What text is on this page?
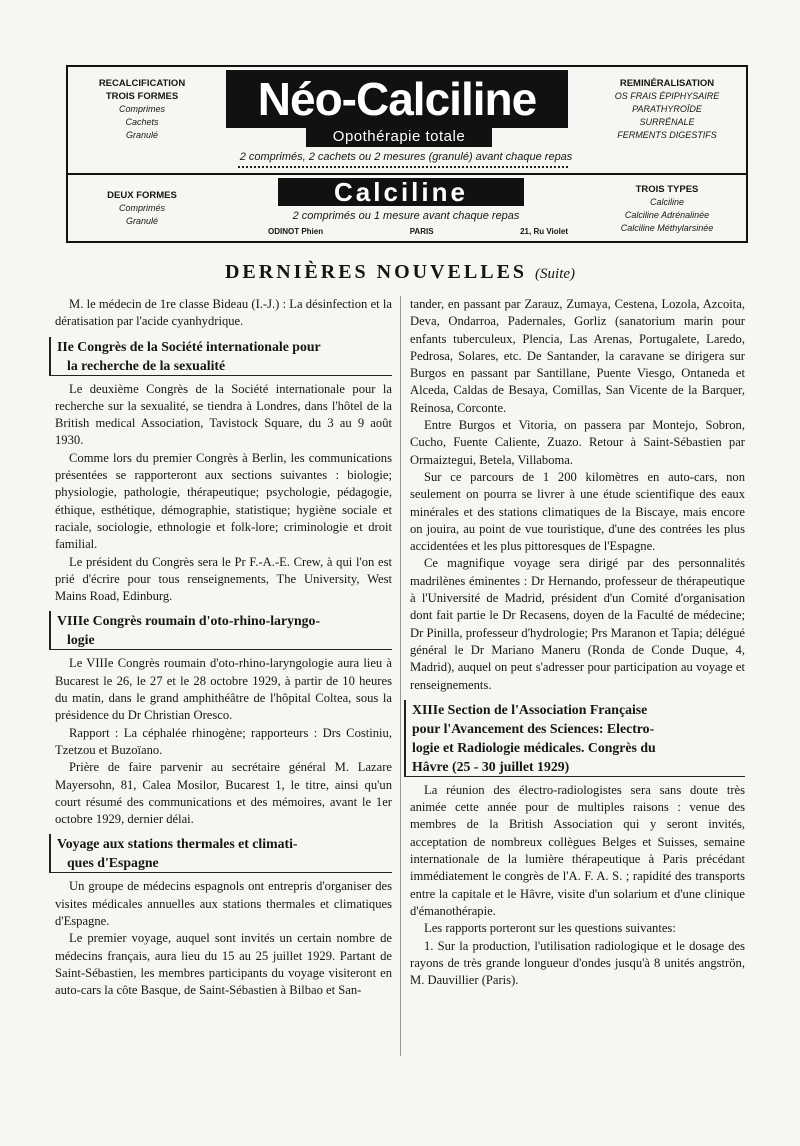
RECALCIFICATION
TROIS FORMES
Comprimes
Cachets
Granulé
REMINÉRALISATION
OS FRAIS ÉPIPHYSAIRE
PARATHYROÏDE
SURRÉNALE
FERMENTS DIGESTIFS
DEUX FORMES
Comprimés
Granulé
TROIS TYPES
Calciline
Calciline Adrénalinée
Calciline Méthylarsinée
Néo-Calciline
Opothérapie totale
2 comprimés, 2 cachets ou 2 mesures (granulé) avant chaque repas
Calciline
2 comprimés ou 1 mesure avant chaque repas
ODINOT Phien	PARIS	21, Ru Violet
DERNIÈRES NOUVELLES (Suite)

M. le médecin de 1re classe Bideau (I.-J.) : La désinfection et la dératisation par l'acide cyanhydrique.

IIe Congrès de la Société internationale pour
la recherche de la sexualité

Le deuxième Congrès de la Société internationale pour la recherche sur la sexualité, se tiendra à Londres, dans l'hôtel de la British medical Association, Tavistock Square, du 3 au 9 août 1930.

Comme lors du premier Congrès à Berlin, les communications présentées se rapporteront aux sections suivantes : biologie; physiologie, pathologie, thérapeutique; psychologie, pédagogie, éthique, esthétique, démographie, statistique; hygiène sociale et raciale, sociologie, ethnologie et folk-lore; criminologie et droit familial.

Le président du Congrès sera le Pr F.-A.-E. Crew, à qui l'on est prié d'écrire pour tous renseignements, The University, West Mains Road, Edinburg.

VIIIe Congrès roumain d'oto-rhino-laryngo-
logie

Le VIIIe Congrès roumain d'oto-rhino-laryngologie aura lieu à Bucarest le 26, le 27 et le 28 octobre 1929, à partir de 10 heures du matin, dans le grand amphithéâtre de l'hôpital Coltea, sous la présidence du Dr Christian Oresco.

Rapport : La céphalée rhinogène; rapporteurs : Drs Costiniu, Tzetzou et Buzoïano.

Prière de faire parvenir au secrétaire général M. Lazare Mayersohn, 81, Calea Mosilor, Bucarest 1, le titre, ainsi qu'un court résumé des communications et des mémoires, avant le 1er octobre 1929, dernier délai.

Voyage aux stations thermales et climati-
ques d'Espagne

Un groupe de médecins espagnols ont entrepris d'organiser des visites médicales annuelles aux stations thermales et climatiques d'Espagne.

Le premier voyage, auquel sont invités un certain nombre de médecins français, aura lieu du 15 au 25 juillet 1929. Partant de Saint-Sébastien, les membres participants du voyage visiteront en auto-cars la côte Basque, de Saint-Sébastien à Bilbao et San-

tander, en passant par Zarauz, Zumaya, Cestena, Lozola, Azcoita, Deva, Ondarroa, Padernales, Gorliz (sanatorium marin pour enfants tuberculeux, Plencia, Las Arenas, Portugalete, Laredo, Pedrosa, Solares, etc. De Santander, la caravane se dirigera sur Burgos en passant par Santillane, Puente Viesgo, Ontaneda et Alceda, Caldas de Besaya, Comillas, San Vicente de la Barquer, Reinosa, Corconte.

Entre Burgos et Vitoria, on passera par Montejo, Sobron, Cucho, Fuente Caliente, Zuazo. Retour à Saint-Sébastien par Ormaiztegui, Betela, Villaboma.

Sur ce parcours de 1 200 kilomètres en auto-cars, non seulement on pourra se livrer à une étude scientifique des eaux minérales et des stations climatiques de la Biscaye, mais encore on jouira, au point de vue touristique, d'une des contrées les plus accidentées et les plus pittoresques de l'Espagne.

Ce magnifique voyage sera dirigé par des personnalités madrilènes éminentes : Dr Hernando, professeur de thérapeutique à l'Université de Madrid, président d'un Comité d'organisation dont fait partie le Dr Recasens, doyen de la Faculté de médecine; Dr Pinilla, professeur d'hydrologie; Prs Maranon et Tapia; délégué général le Dr Mariano Maneru (Ronda de Conde Duque, 4, Madrid), auquel on peut s'adresser pour participation au voyage et renseignements.

XIIIe Section de l'Association Française
pour l'Avancement des Sciences: Electro-
logie et Radiologie médicales. Congrès du
Hâvre (25 - 30 juillet 1929)

La réunion des électro-radiologistes sera sans doute très animée cette année pour de multiples raisons : venue des membres de la British Association qui y seront invités, acceptation de nombreux collègues Belges et Suisses, semaine internationale de la lumière thérapeutique à Paris précédant immédiatement le congrès de l'A. F. A. S. ; rapidité des transports entre la capitale et le Hâvre, visite d'un solarium et d'une clinique d'émanothérapie.

Les rapports porteront sur les questions suivantes:

1. Sur la production, l'utilisation radiologique et le dosage des rayons de très grande longueur d'ondes jusqu'à 8 unités angströn, M. Dauvillier (Paris).
